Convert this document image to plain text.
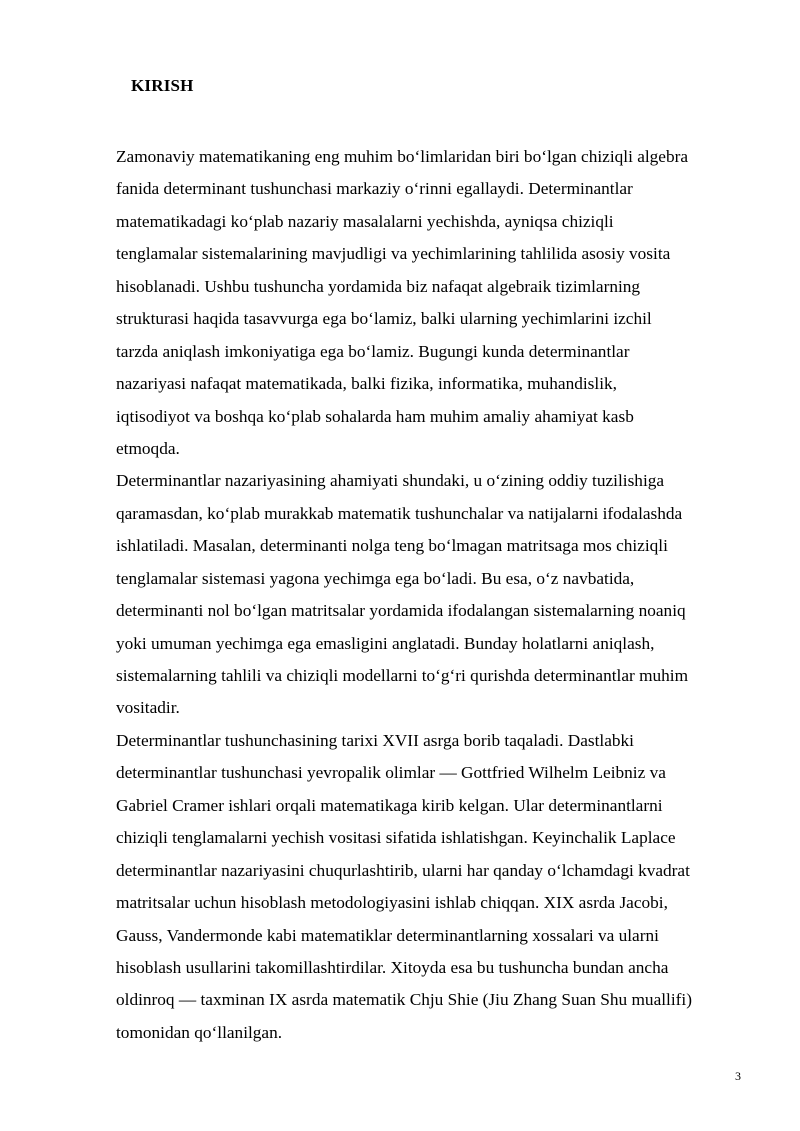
KIRISH
Zamonaviy matematikaning eng muhim bo‘limlaridan biri bo‘lgan chiziqli algebra
fanida determinant tushunchasi markaziy o‘rinni egallaydi. Determinantlar
matematikadagi ko‘plab nazariy masalalarni yechishda, ayniqsa chiziqli
tenglamalar sistemalarining mavjudligi va yechimlarining tahlilida asosiy vosita
hisoblanadi. Ushbu tushuncha yordamida biz nafaqat algebraik tizimlarning
strukturasi haqida tasavvurga ega bo‘lamiz, balki ularning yechimlarini izchil
tarzda aniqlash imkoniyatiga ega bo‘lamiz. Bugungi kunda determinantlar
nazariyasi nafaqat matematikada, balki fizika, informatika, muhandislik,
iqtisodiyot va boshqa ko‘plab sohalarda ham muhim amaliy ahamiyat kasb
etmoqda.
Determinantlar nazariyasining ahamiyati shundaki, u o‘zining oddiy tuzilishiga
qaramasdan, ko‘plab murakkab matematik tushunchalar va natijalarni ifodalashda
ishlatiladi. Masalan, determinanti nolga teng bo‘lmagan matritsaga mos chiziqli
tenglamalar sistemasi yagona yechimga ega bo‘ladi. Bu esa, o‘z navbatida,
determinanti nol bo‘lgan matritsalar yordamida ifodalangan sistemalarning noaniq
yoki umuman yechimga ega emasligini anglatadi. Bunday holatlarni aniqlash,
sistemalarning tahlili va chiziqli modellarni to‘g‘ri qurishda determinantlar muhim
vositadir.
Determinantlar tushunchasining tarixi XVII asrga borib taqaladi. Dastlabki
determinantlar tushunchasi yevropalik olimlar — Gottfried Wilhelm Leibniz va
Gabriel Cramer ishlari orqali matematikaga kirib kelgan. Ular determinantlarni
chiziqli tenglamalarni yechish vositasi sifatida ishlatishgan. Keyinchalik Laplace
determinantlar nazariyasini chuqurlashtirib, ularni har qanday o‘lchamdagi kvadrat
matritsalar uchun hisoblash metodologiyasini ishlab chiqqan. XIX asrda Jacobi,
Gauss, Vandermonde kabi matematiklar determinantlarning xossalari va ularni
hisoblash usullarini takomillashtirdilar. Xitoyda esa bu tushuncha bundan ancha
oldinroq — taxminan IX asrda matematik Chju Shie (Jiu Zhang Suan Shu muallifi)
tomonidan qo‘llanilgan.
3
